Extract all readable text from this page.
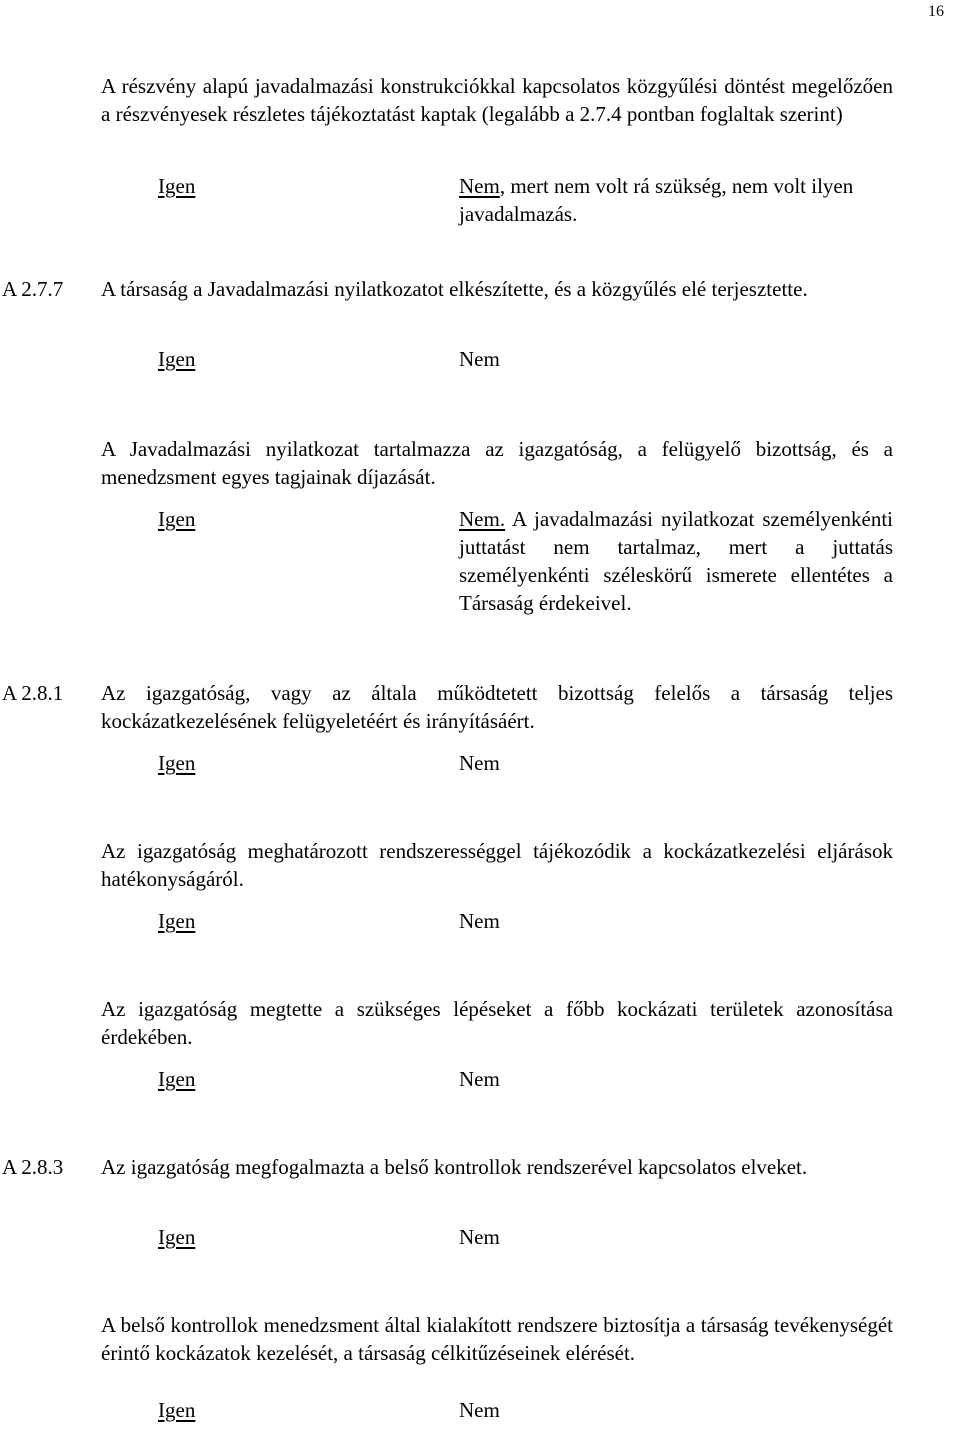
16
A részvény alapú javadalmazási konstrukciókkal kapcsolatos közgyűlési döntést megelőzően a részvényesek részletes tájékoztatást kaptak (legalább a 2.7.4 pontban foglaltak szerint)
Igen	Nem, mert nem volt rá szükség, nem volt ilyen javadalmazás.
A 2.7.7 A társaság a Javadalmazási nyilatkozatot elkészítette, és a közgyűlés elé terjesztette.
Igen	Nem
A Javadalmazási nyilatkozat tartalmazza az igazgatóság, a felügyelő bizottság, és a menedzsment egyes tagjainak díjazását.
Igen	Nem. A javadalmazási nyilatkozat személyenkénti juttatást nem tartalmaz, mert a juttatás személyenkénti széleskörű ismerete ellentétes a Társaság érdekeivel.
A 2.8.1 Az igazgatóság, vagy az általa működtetett bizottság felelős a társaság teljes kockázatkezelésének felügyeletéért és irányításáért.
Igen	Nem
Az igazgatóság meghatározott rendszerességgel tájékozódik a kockázatkezelési eljárások hatékonyságáról.
Igen	Nem
Az igazgatóság megtette a szükséges lépéseket a főbb kockázati területek azonosítása érdekében.
Igen	Nem
A 2.8.3 Az igazgatóság megfogalmazta a belső kontrollok rendszerével kapcsolatos elveket.
Igen	Nem
A belső kontrollok menedzsment által kialakított rendszere biztosítja a társaság tevékenységét érintő kockázatok kezelését, a társaság célkitűzéseinek elérését.
Igen	Nem
